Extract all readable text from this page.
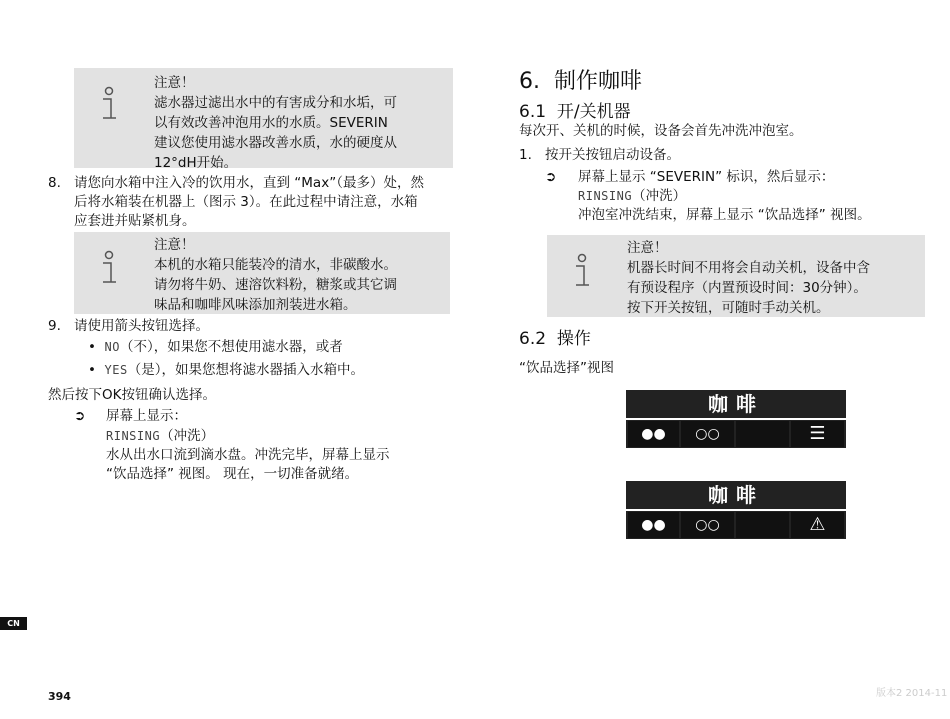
注意！
滤水器过滤出水中的有害成分和水垢，可
以有效改善冲泡用水的水质。SEVERIN
建议您使用滤水器改善水质，水的硬度从
12°dH开始。
8. 请您向水箱中注入冷的饮用水，直到 “Max”（最多）处，然
后将水箱装在机器上（图示 3）。在此过程中请注意，水箱
应套进并贴紧机身。
注意！
本机的水箱只能装冷的清水，非碳酸水。
请勿将牛奶、速溶饮料粉，糖浆或其它调
味品和咖啡风味添加剂装进水箱。
9. 请使用箭头按钮选择。
•  NO（不），如果您不想使用滤水器，或者
•  YES（是），如果您想将滤水器插入水箱中。
然后按下OK按钮确认选择。
➲ 屏幕上显示：
RINSING（冲洗）
水从出水口流到滴水盘。冲洗完毕，屏幕上显示
“饮品选择” 视图。 现在，一切准备就绪。
6. 制作咖啡
6.1 开/关机器
每次开、关机的时候，设备会首先冲洗冲泡室。
1. 按开关按钮启动设备。
➲ 屏幕上显示 “SEVERIN” 标识，然后显示：
RINSING（冲洗）
冲泡室冲洗结束，屏幕上显示 “饮品选择” 视图。
注意！
机器长时间不用将会自动关机，设备中含
有预设程序（内置预设时间：30分钟）。
按下开关按钮，可随时手动关机。
6.2 操作
“饮品选择”视图
咖啡
●●	○○	☰
咖啡
●●	○○	⚠
CN
394	版本2 2014-11
